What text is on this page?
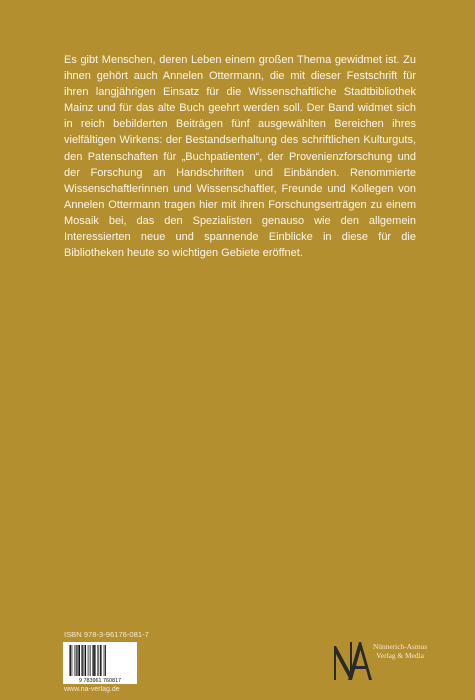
Es gibt Menschen, deren Leben einem großen Thema gewidmet ist. Zu ihnen gehört auch Annelen Ottermann, die mit dieser Festschrift für ihren langjährigen Einsatz für die Wissenschaftliche Stadtbibliothek Mainz und für das alte Buch geehrt werden soll. Der Band widmet sich in reich bebilderten Beiträgen fünf ausgewählten Bereichen ihres vielfältigen Wirkens: der Bestandserhaltung des schriftlichen Kulturguts, den Patenschaften für „Buchpatienten“, der Provenienzforschung und der Forschung an Handschriften und Einbänden. Renommierte Wissenschaftlerinnen und Wissenschaftler, Freunde und Kollegen von Annelen Ottermann tragen hier mit ihren Forschungserträgen zu einem Mosaik bei, das den Spezialisten genauso wie den allgemein Interessierten neue und spannende Einblicke in diese für die Bibliotheken heute so wichtigen Gebiete eröffnet.

ISBN 978-3-96176-081-7
9 783961 760817
www.na-verlag.de
Nünnerich-Asmus
Verlag & Media
